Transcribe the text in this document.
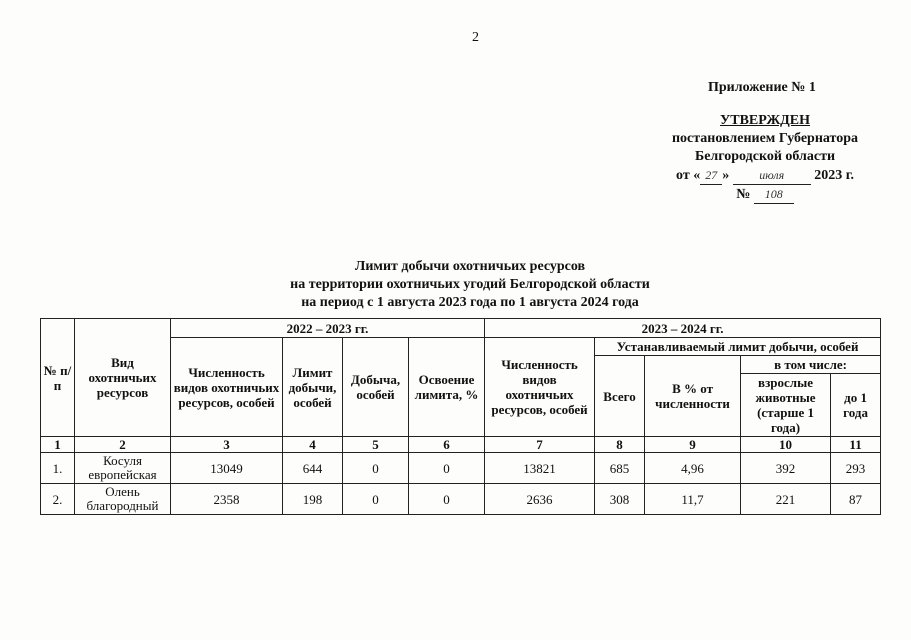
2
Приложение № 1
УТВЕРЖДЕН
постановлением Губернатора
Белгородской области
от « 27 »	июля 2023 г.
№ 108
Лимит добычи охотничьих ресурсов
на территории охотничьих угодий Белгородской области
на период с 1 августа 2023 года по 1 августа 2024 года
№ п/п	Вид охотничьих ресурсов	2022 – 2023 гг.				2023 – 2024 гг.				
		Численность видов охотничьих ресурсов, особей	Лимит добычи, особей	Добыча, особей	Освоение лимита, %	Численность видов охотничьих ресурсов, особей	Устанавливаемый лимит добычи, особей			
							Всего	В % от численности	в том числе:	
									взрослые животные (старше 1 года)	до 1 года
1	2	3	4	5	6	7	8	9	10	11
1.	Косуля европейская	13049	644	0	0	13821	685	4,96	392	293
2.	Олень благородный	2358	198	0	0	2636	308	11,7	221	87
